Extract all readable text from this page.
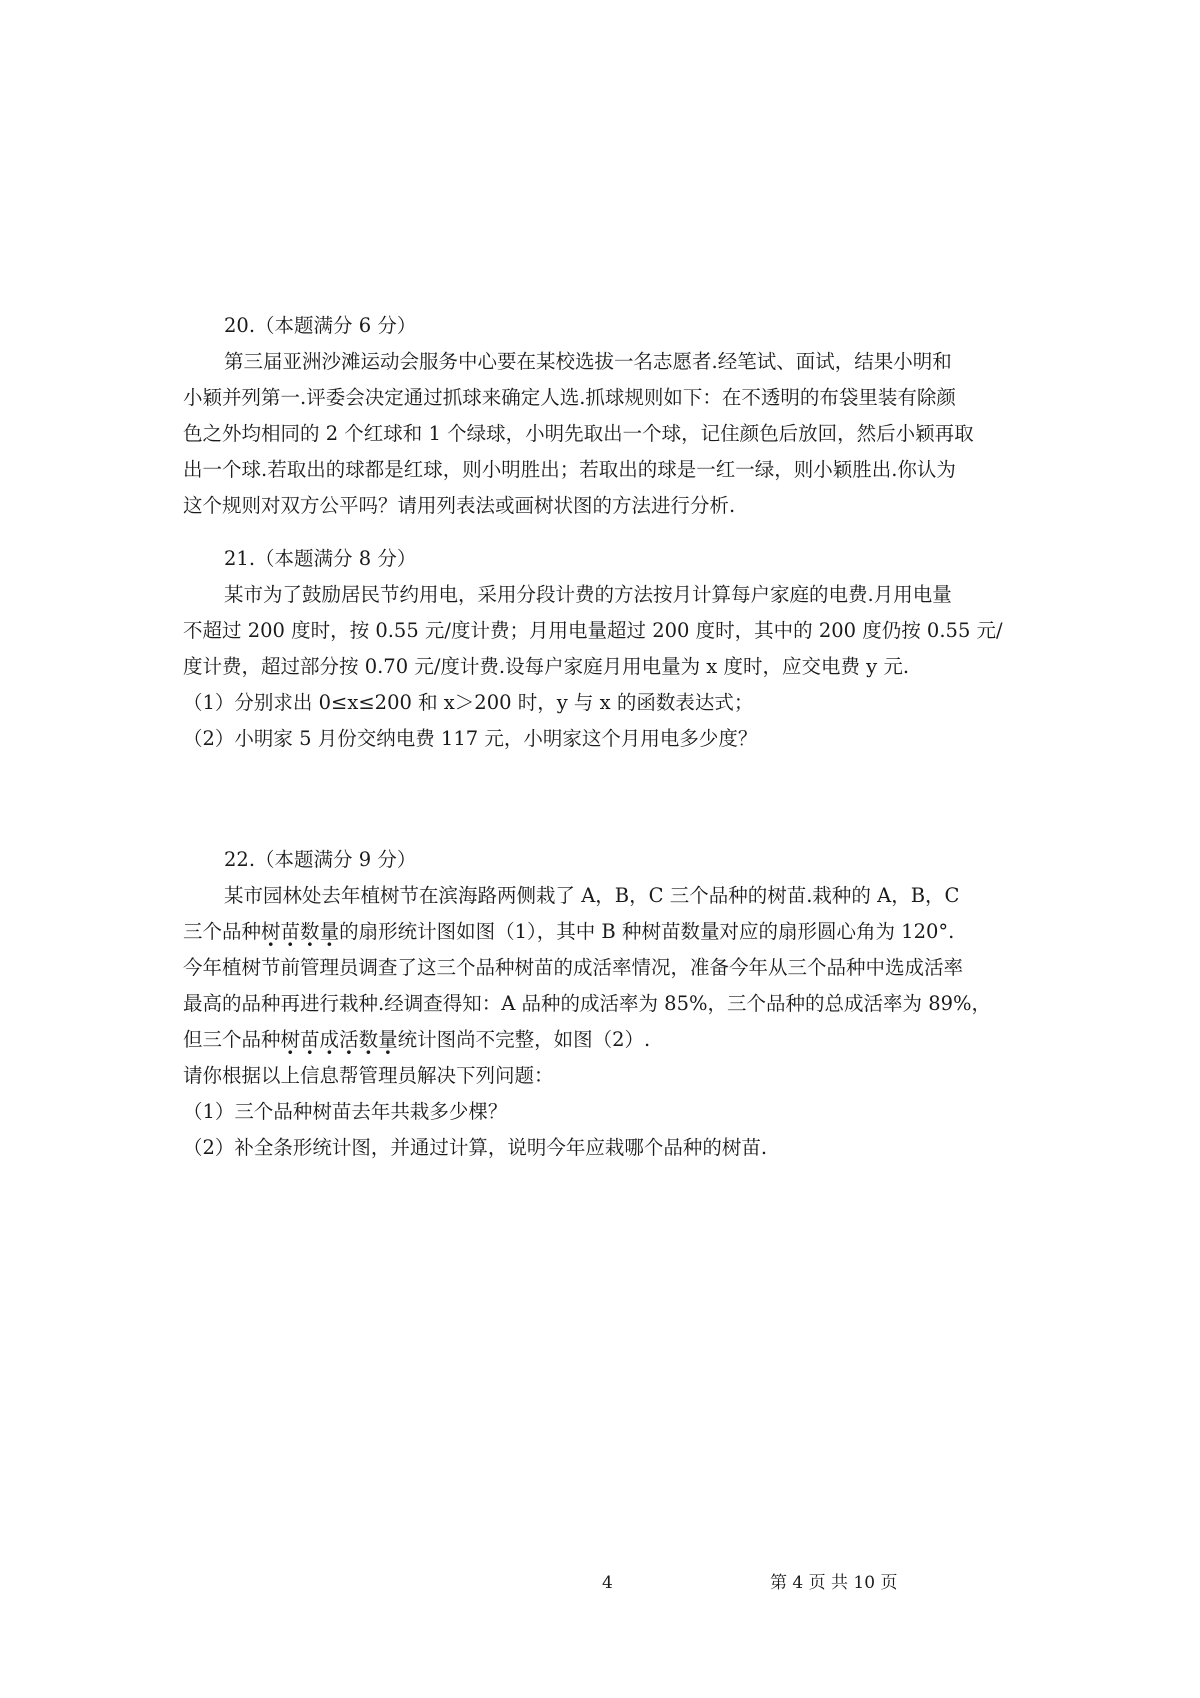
20.（本题满分 6 分）
第三届亚洲沙滩运动会服务中心要在某校选拔一名志愿者.经笔试、面试，结果小明和
小颖并列第一.评委会决定通过抓球来确定人选.抓球规则如下：在不透明的布袋里装有除颜
色之外均相同的 2 个红球和 1 个绿球，小明先取出一个球，记住颜色后放回，然后小颖再取
出一个球.若取出的球都是红球，则小明胜出；若取出的球是一红一绿，则小颖胜出.你认为
这个规则对双方公平吗？请用列表法或画树状图的方法进行分析.
21.（本题满分 8 分）
某市为了鼓励居民节约用电，采用分段计费的方法按月计算每户家庭的电费.月用电量
不超过 200 度时，按 0.55 元/度计费；月用电量超过 200 度时，其中的 200 度仍按 0.55 元/
度计费，超过部分按 0.70 元/度计费.设每户家庭月用电量为 x 度时，应交电费 y 元.
（1）分别求出 0≤x≤200 和 x＞200 时，y 与 x 的函数表达式；
（2）小明家 5 月份交纳电费 117 元，小明家这个月用电多少度？
22.（本题满分 9 分）
某市园林处去年植树节在滨海路两侧栽了 A，B，C 三个品种的树苗.栽种的 A，B，C
三个品种树苗数量的扇形统计图如图（1），其中 B 种树苗数量对应的扇形圆心角为 120°.
今年植树节前管理员调查了这三个品种树苗的成活率情况，准备今年从三个品种中选成活率
最高的品种再进行栽种.经调查得知：A 品种的成活率为 85%，三个品种的总成活率为 89%，
但三个品种树苗成活数量统计图尚不完整，如图（2）.
请你根据以上信息帮管理员解决下列问题：
（1）三个品种树苗去年共栽多少棵？
（2）补全条形统计图，并通过计算，说明今年应栽哪个品种的树苗.
4	第 4 页 共 10 页
